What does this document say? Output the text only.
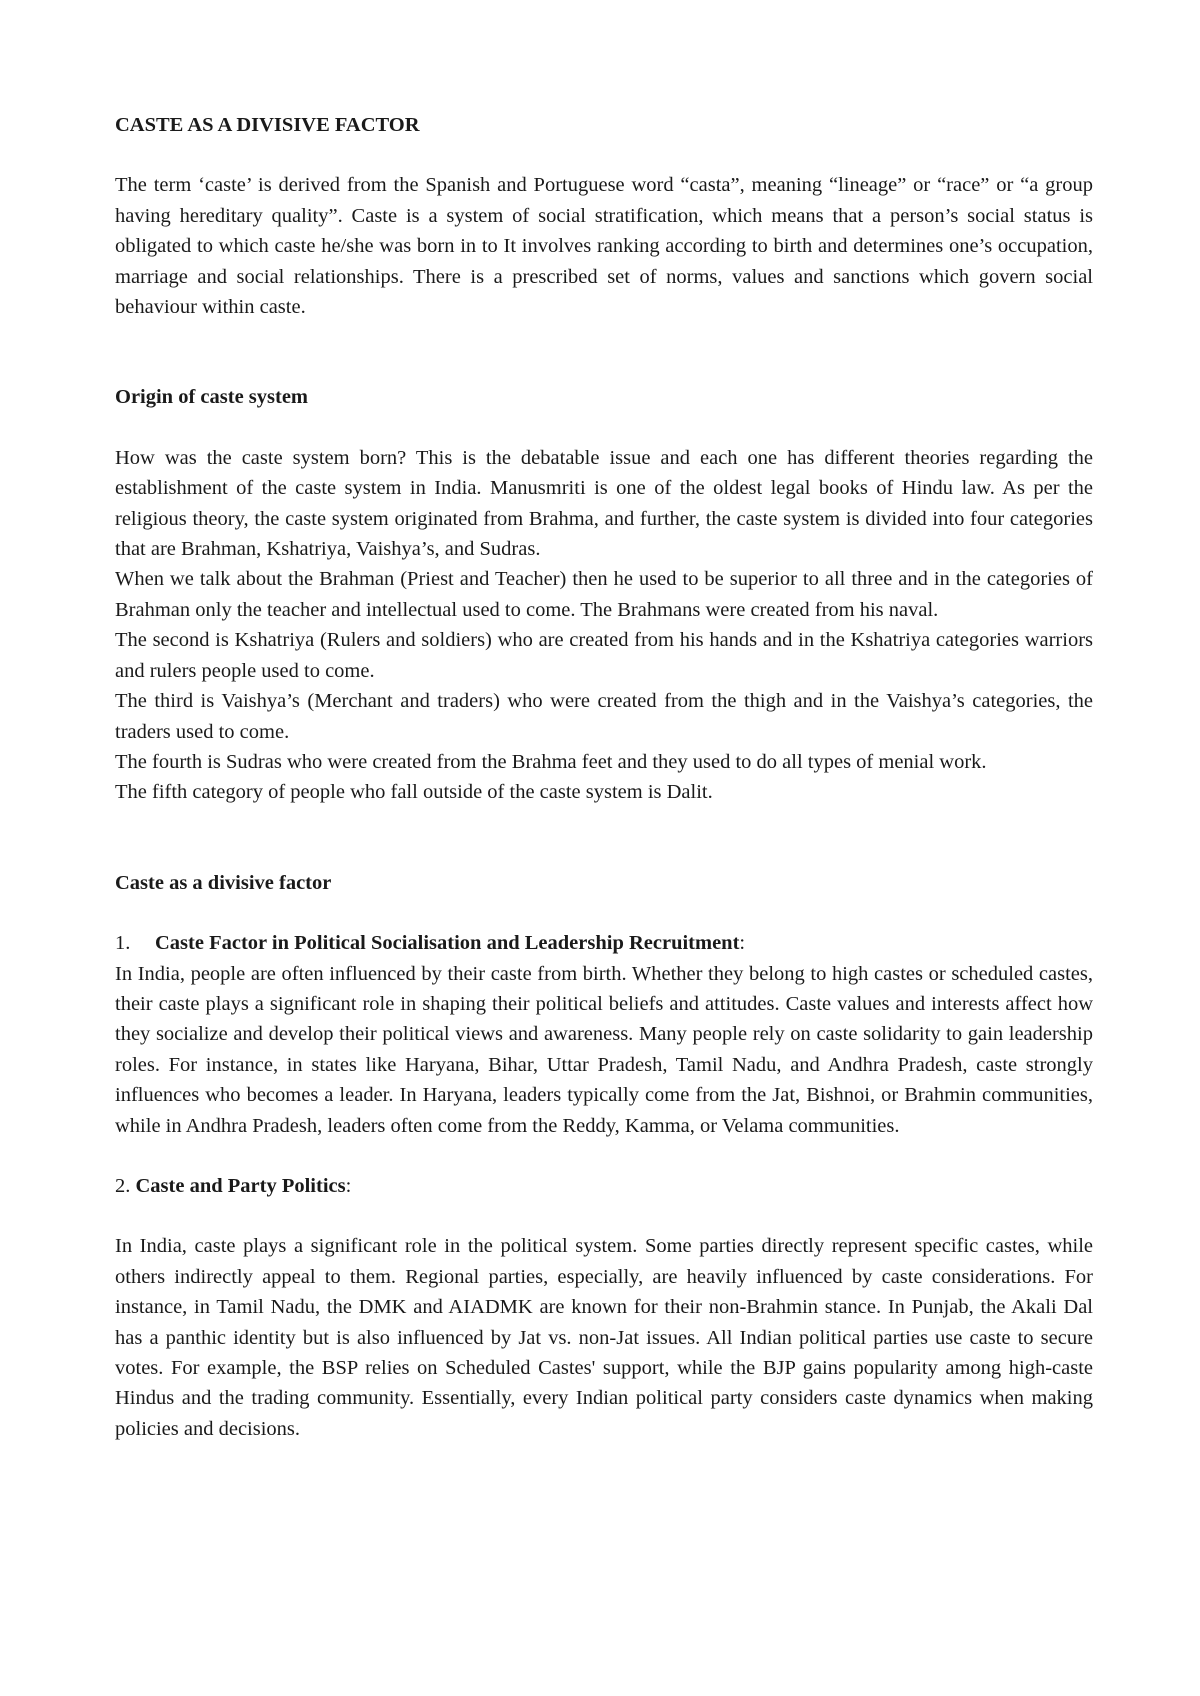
CASTE AS A DIVISIVE FACTOR

The term ‘caste’ is derived from the Spanish and Portuguese word “casta”, meaning “lineage” or “race” or “a group having hereditary quality”. Caste is a system of social stratification, which means that a person’s social status is obligated to which caste he/she was born in to It involves ranking according to birth and determines one’s occupation, marriage and social relationships. There is a prescribed set of norms, values and sanctions which govern social behaviour within caste.

Origin of caste system

How was the caste system born? This is the debatable issue and each one has different theories regarding the establishment of the caste system in India. Manusmriti is one of the oldest legal books of Hindu law. As per the religious theory, the caste system originated from Brahma, and further, the caste system is divided into four categories that are Brahman, Kshatriya, Vaishya’s, and Sudras.

When we talk about the Brahman (Priest and Teacher) then he used to be superior to all three and in the categories of Brahman only the teacher and intellectual used to come. The Brahmans were created from his naval.

The second is Kshatriya (Rulers and soldiers) who are created from his hands and in the Kshatriya categories warriors and rulers people used to come.

The third is Vaishya’s (Merchant and traders) who were created from the thigh and in the Vaishya’s categories, the traders used to come.

The fourth is Sudras who were created from the Brahma feet and they used to do all types of menial work.

The fifth category of people who fall outside of the caste system is Dalit.

Caste as a divisive factor

1. Caste Factor in Political Socialisation and Leadership Recruitment:

In India, people are often influenced by their caste from birth. Whether they belong to high castes or scheduled castes, their caste plays a significant role in shaping their political beliefs and attitudes. Caste values and interests affect how they socialize and develop their political views and awareness. Many people rely on caste solidarity to gain leadership roles. For instance, in states like Haryana, Bihar, Uttar Pradesh, Tamil Nadu, and Andhra Pradesh, caste strongly influences who becomes a leader. In Haryana, leaders typically come from the Jat, Bishnoi, or Brahmin communities, while in Andhra Pradesh, leaders often come from the Reddy, Kamma, or Velama communities.

2. Caste and Party Politics:

In India, caste plays a significant role in the political system. Some parties directly represent specific castes, while others indirectly appeal to them. Regional parties, especially, are heavily influenced by caste considerations. For instance, in Tamil Nadu, the DMK and AIADMK are known for their non-Brahmin stance. In Punjab, the Akali Dal has a panthic identity but is also influenced by Jat vs. non-Jat issues. All Indian political parties use caste to secure votes. For example, the BSP relies on Scheduled Castes' support, while the BJP gains popularity among high-caste Hindus and the trading community. Essentially, every Indian political party considers caste dynamics when making policies and decisions.
